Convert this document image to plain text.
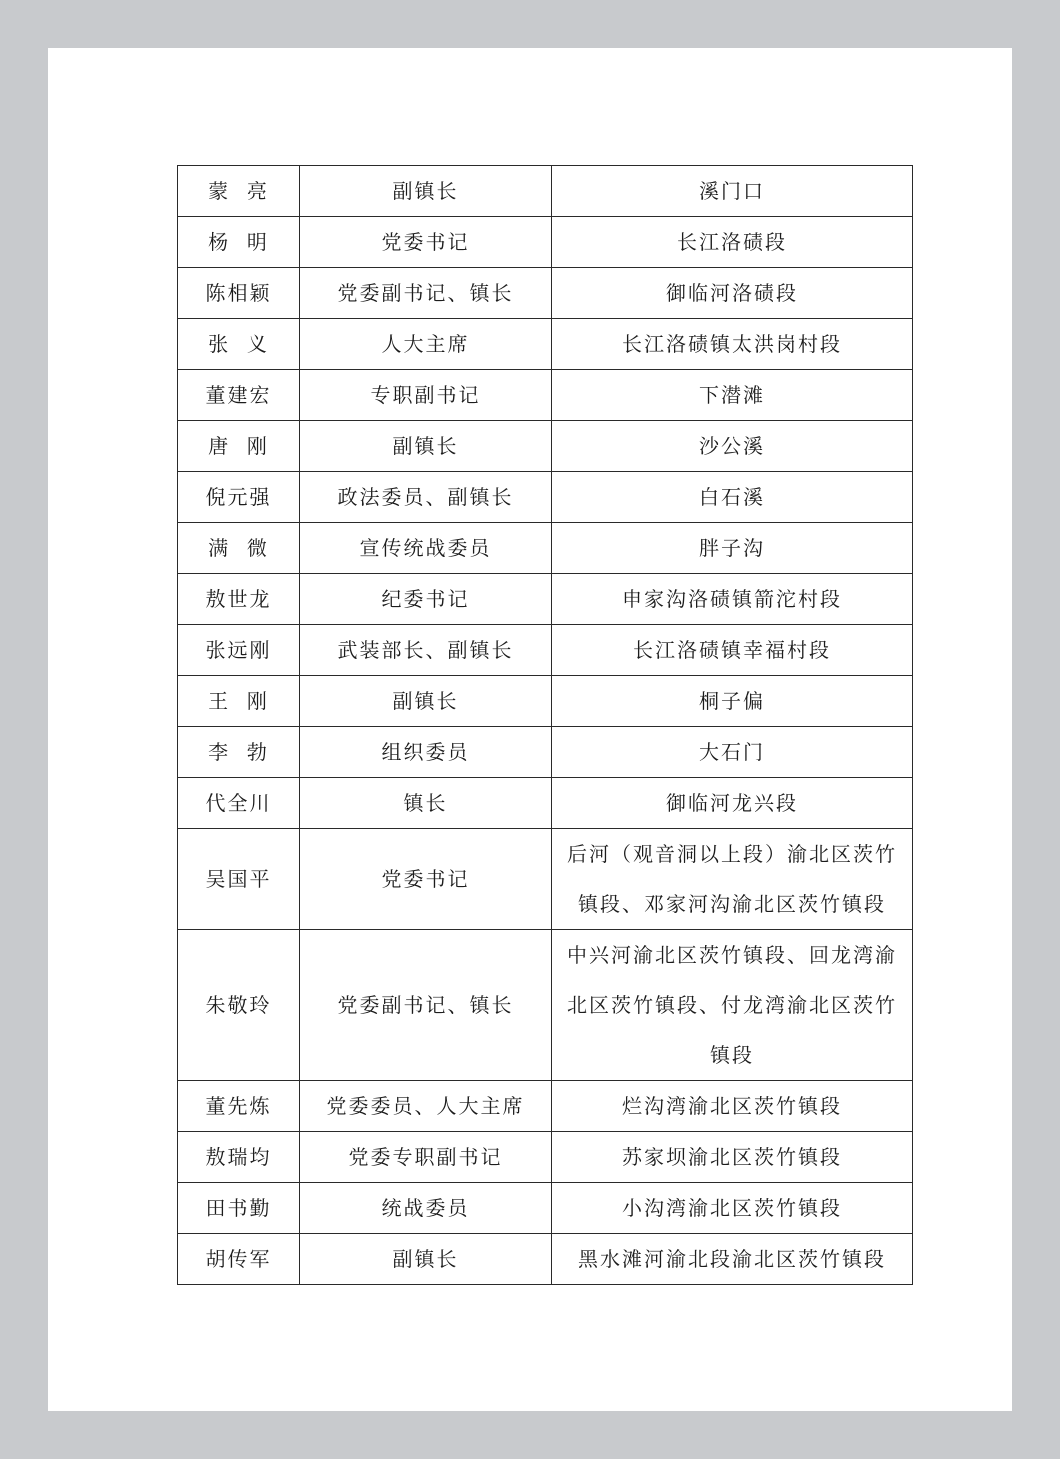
蒙  亮	副镇长	溪门口
杨  明	党委书记	长江洛碛段
陈相颖	党委副书记、镇长	御临河洛碛段
张  义	人大主席	长江洛碛镇太洪岗村段
董建宏	专职副书记	下潜滩
唐  刚	副镇长	沙公溪
倪元强	政法委员、副镇长	白石溪
满  微	宣传统战委员	胖子沟
敖世龙	纪委书记	申家沟洛碛镇箭沱村段
张远刚	武装部长、副镇长	长江洛碛镇幸福村段
王  刚	副镇长	桐子偏
李  勃	组织委员	大石门
代全川	镇长	御临河龙兴段
吴国平	党委书记	后河（观音洞以上段）渝北区茨竹镇段、邓家河沟渝北区茨竹镇段
朱敬玲	党委副书记、镇长	中兴河渝北区茨竹镇段、回龙湾渝北区茨竹镇段、付龙湾渝北区茨竹镇段
董先炼	党委委员、人大主席	烂沟湾渝北区茨竹镇段
敖瑞均	党委专职副书记	苏家坝渝北区茨竹镇段
田书勤	统战委员	小沟湾渝北区茨竹镇段
胡传军	副镇长	黑水滩河渝北段渝北区茨竹镇段
